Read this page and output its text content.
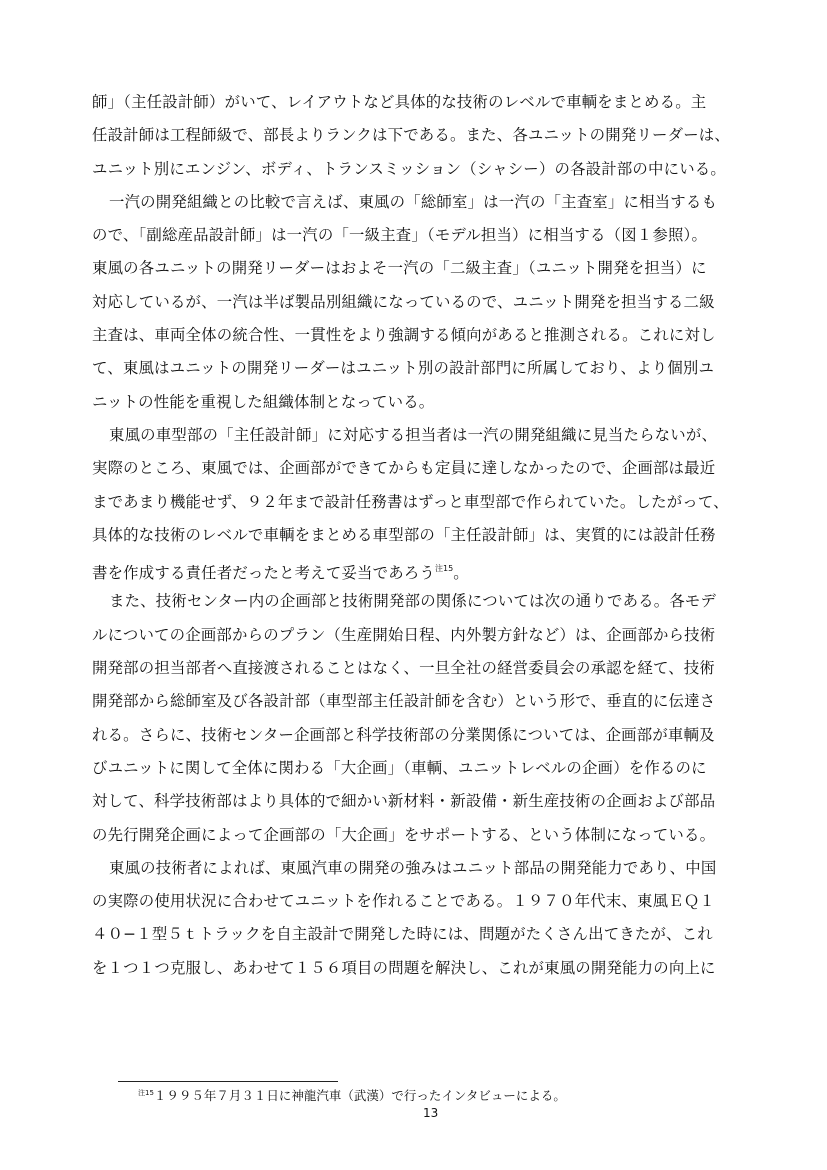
師」（主任設計師）がいて、レイアウトなど具体的な技術のレベルで車輌をまとめる。主
任設計師は工程師級で、部長よりランクは下である。また、各ユニットの開発リーダーは、
ユニット別にエンジン、ボディ、トランスミッション（シャシー）の各設計部の中にいる。
一汽の開発組織との比較で言えば、東風の「総師室」は一汽の「主査室」に相当するも
ので、「副総産品設計師」は一汽の「一級主査」（モデル担当）に相当する（図１参照）。
東風の各ユニットの開発リーダーはおよそ一汽の「二級主査」（ユニット開発を担当）に
対応しているが、一汽は半ば製品別組織になっているので、ユニット開発を担当する二級
主査は、車両全体の統合性、一貫性をより強調する傾向があると推測される。これに対し
て、東風はユニットの開発リーダーはユニット別の設計部門に所属しており、より個別ユ
ニットの性能を重視した組織体制となっている。
東風の車型部の「主任設計師」に対応する担当者は一汽の開発組織に見当たらないが、
実際のところ、東風では、企画部ができてからも定員に達しなかったので、企画部は最近
まであまり機能せず、９２年まで設計任務書はずっと車型部で作られていた。したがって、
具体的な技術のレベルで車輌をまとめる車型部の「主任設計師」は、実質的には設計任務
書を作成する責任者だったと考えて妥当であろう$^{注15}$。
また、技術センター内の企画部と技術開発部の関係については次の通りである。各モデ
ルについての企画部からのプラン（生産開始日程、内外製方針など）は、企画部から技術
開発部の担当部者へ直接渡されることはなく、一旦全社の経営委員会の承認を経て、技術
開発部から総師室及び各設計部（車型部主任設計師を含む）という形で、垂直的に伝達さ
れる。さらに、技術センター企画部と科学技術部の分業関係については、企画部が車輌及
びユニットに関して全体に関わる「大企画」（車輌、ユニットレベルの企画）を作るのに
対して、科学技術部はより具体的で細かい新材料・新設備・新生産技術の企画および部品
の先行開発企画によって企画部の「大企画」をサポートする、という体制になっている。
東風の技術者によれば、東風汽車の開発の強みはユニット部品の開発能力であり、中国
の実際の使用状況に合わせてユニットを作れることである。１９７０年代末、東風ＥＱ１
４０−１型５ｔトラックを自主設計で開発した時には、問題がたくさん出てきたが、これ
を１つ１つ克服し、あわせて１５６項目の問題を解決し、これが東風の開発能力の向上に
$^{注15}$１９９５年７月３１日に神龍汽車（武漢）で行ったインタビューによる。
13
